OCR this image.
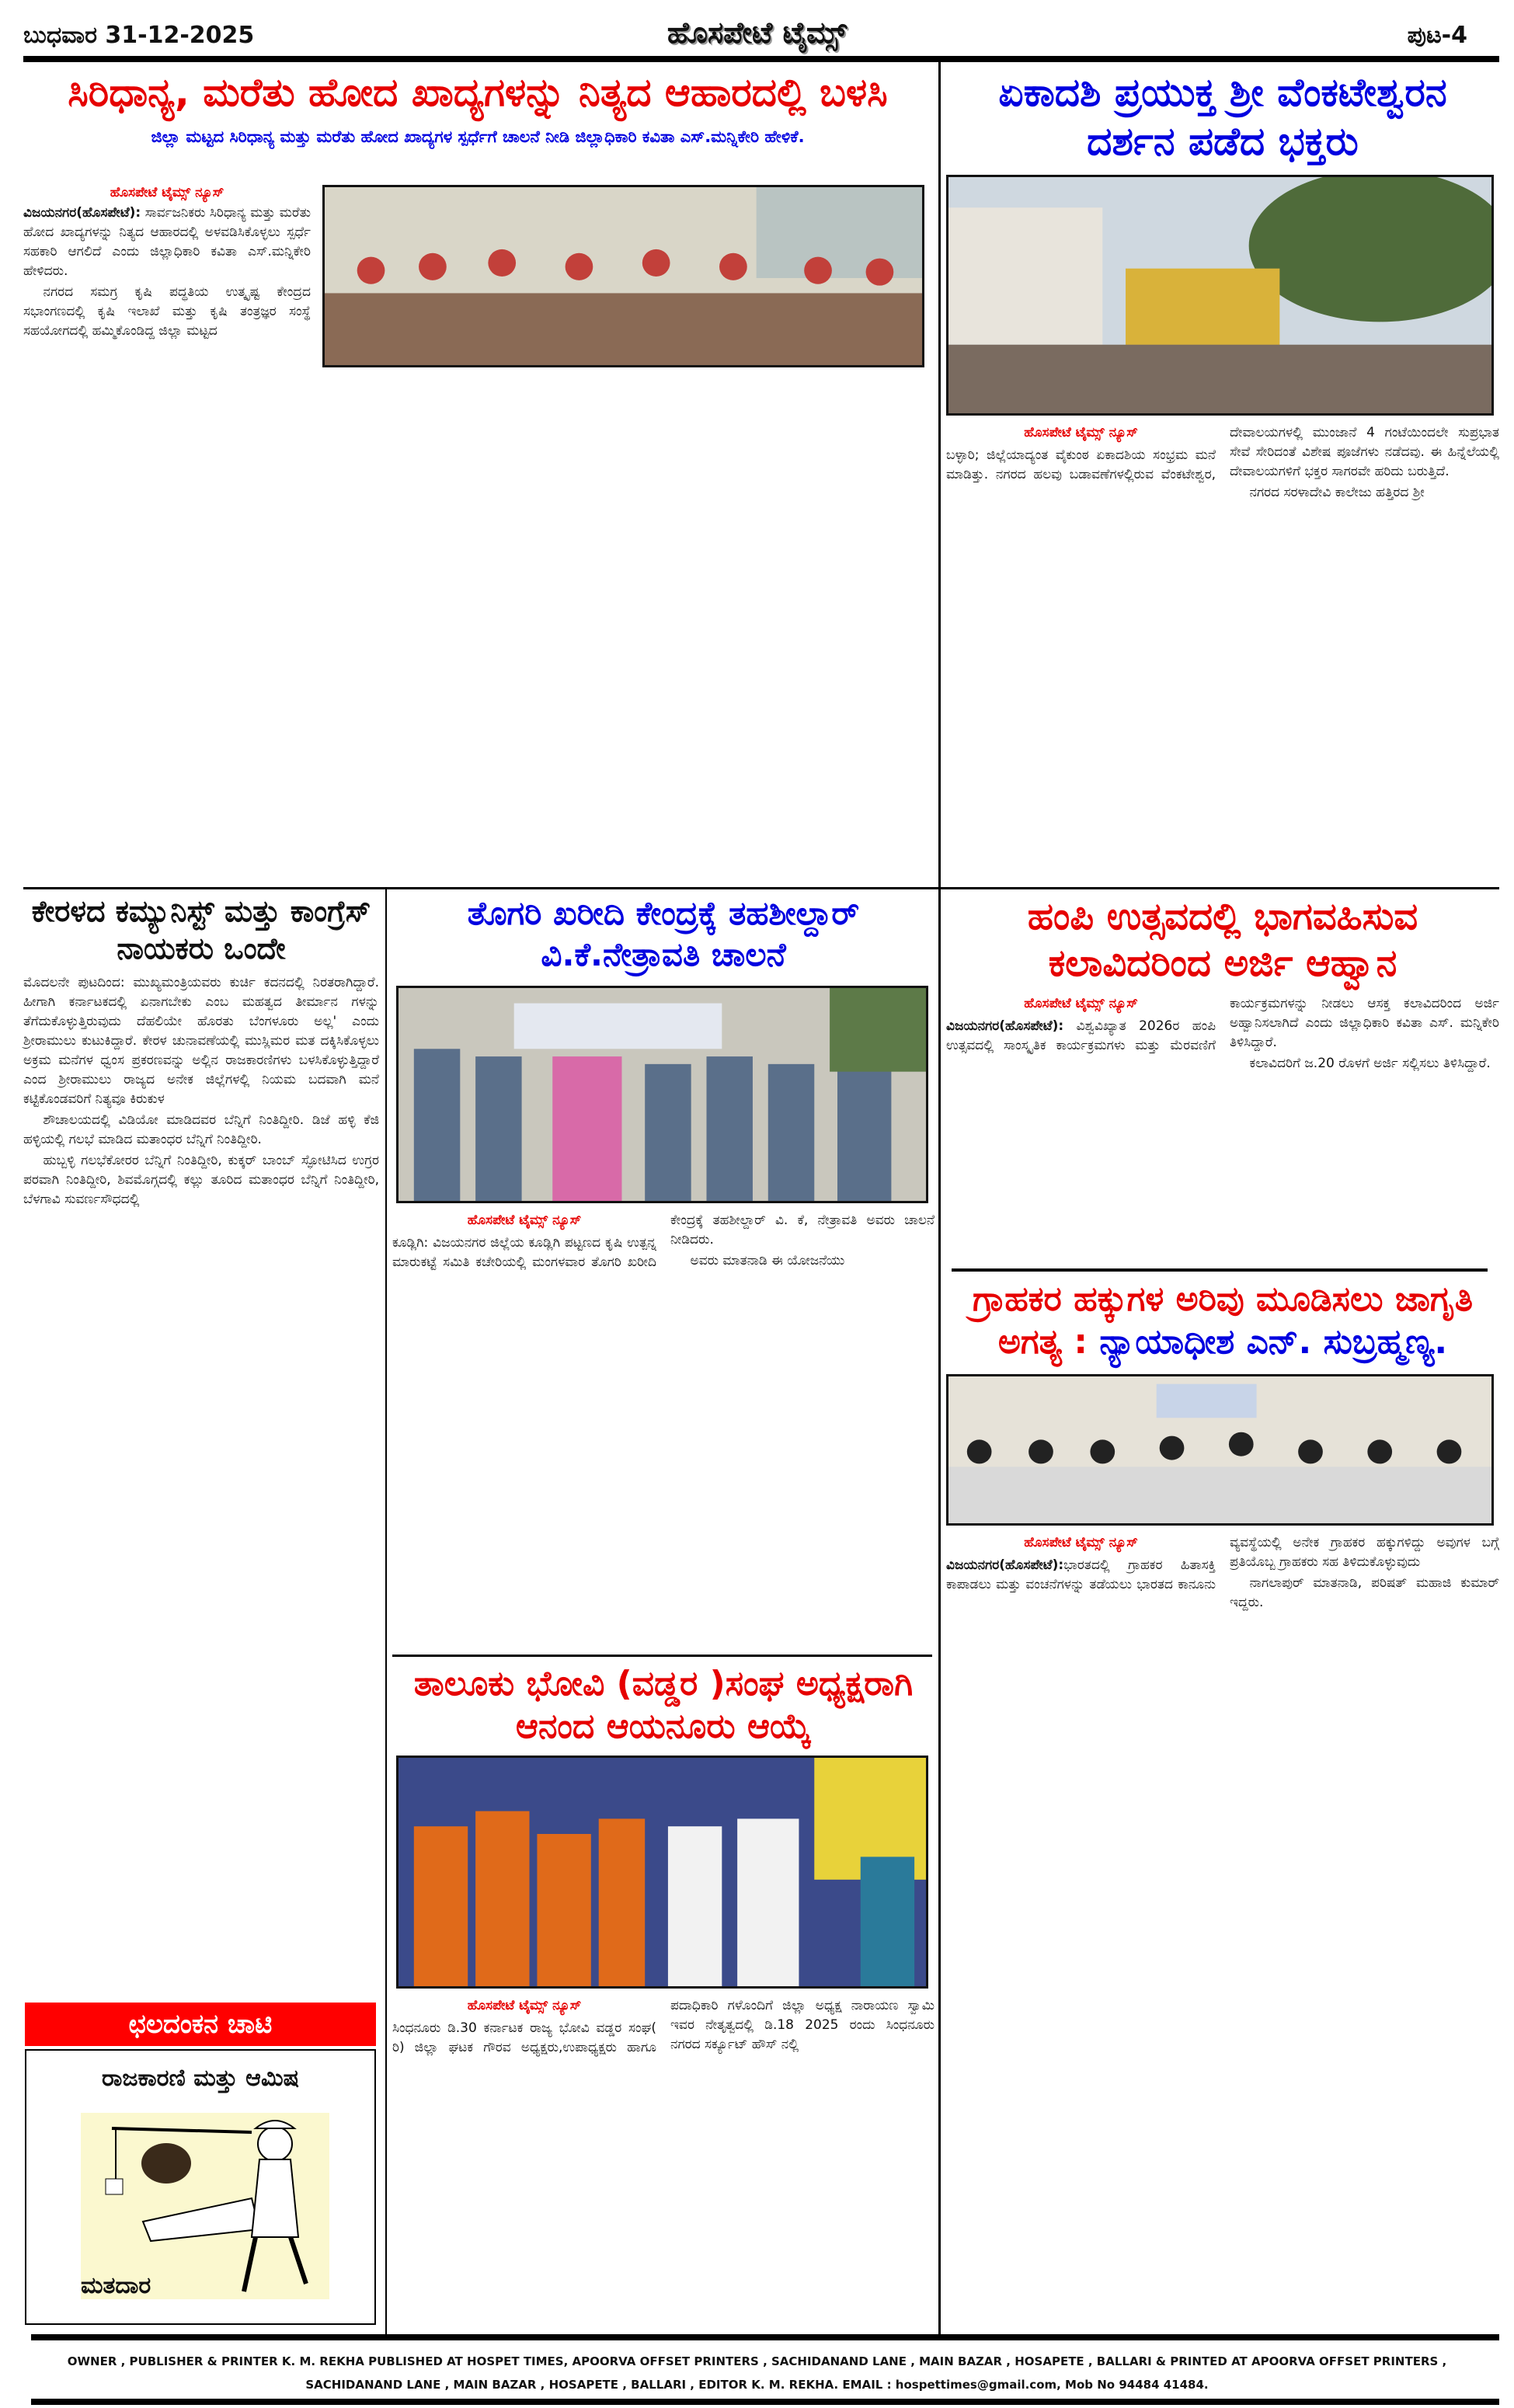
ಬುಧವಾರ 31-12-2025	ಹೊಸಪೇಟೆ ಟೈಮ್ಸ್	ಪುಟ-4
ಸಿರಿಧಾನ್ಯ, ಮರೆತು ಹೋದ ಖಾದ್ಯಗಳನ್ನು ನಿತ್ಯದ ಆಹಾರದಲ್ಲಿ ಬಳಸಿ
ಜಿಲ್ಲಾ ಮಟ್ಟದ ಸಿರಿಧಾನ್ಯ ಮತ್ತು ಮರೆತು ಹೋದ ಖಾದ್ಯಗಳ ಸ್ಪರ್ಧೆಗೆ ಚಾಲನೆ ನೀಡಿ ಜಿಲ್ಲಾಧಿಕಾರಿ ಕವಿತಾ ಎಸ್.ಮನ್ನಿಕೇರಿ ಹೇಳಿಕೆ.
ಹೊಸಪೇಟೆ ಟೈಮ್ಸ್ ನ್ಯೂಸ್

ವಿಜಯನಗರ(ಹೊಸಪೇಟೆ): ಸಾರ್ವಜನಿಕರು ಸಿರಿಧಾನ್ಯ ಮತ್ತು ಮರೆತು ಹೋದ ಖಾದ್ಯಗಳನ್ನು ನಿತ್ಯದ ಆಹಾರದಲ್ಲಿ ಅಳವಡಿಸಿಕೊಳ್ಳಲು ಸ್ಪರ್ಧೆ ಸಹಕಾರಿ ಆಗಲಿದೆ ಎಂದು ಜಿಲ್ಲಾಧಿಕಾರಿ ಕವಿತಾ ಎಸ್.ಮನ್ನಿಕೇರಿ ಹೇಳಿದರು.

ನಗರದ ಸಮಗ್ರ ಕೃಷಿ ಪದ್ಧತಿಯ ಉತ್ಕೃಷ್ಟ ಕೇಂದ್ರದ ಸಭಾಂಗಣದಲ್ಲಿ ಕೃಷಿ ಇಲಾಖೆ ಮತ್ತು ಕೃಷಿ ತಂತ್ರಜ್ಞರ ಸಂಸ್ಥೆ ಸಹಯೋಗದಲ್ಲಿ ಹಮ್ಮಿಕೊಂಡಿದ್ದ ಜಿಲ್ಲಾ ಮಟ್ಟದ

ಏಕಾದಶಿ ಪ್ರಯುಕ್ತ ಶ್ರೀ ವೆಂಕಟೇಶ್ವರನ ದರ್ಶನ ಪಡೆದ ಭಕ್ತರು
ಹೊಸಪೇಟೆ ಟೈಮ್ಸ್ ನ್ಯೂಸ್

ಬಳ್ಳಾರಿ; ಜಿಲ್ಲೆಯಾದ್ಯಂತ ವೈಕುಂಠ ಏಕಾದಶಿಯ ಸಂಭ್ರಮ ಮನೆ ಮಾಡಿತ್ತು. ನಗರದ ಹಲವು ಬಡಾವಣೆಗಳಲ್ಲಿರುವ ವೆಂಕಟೇಶ್ವರ, ದೇವಾಲಯಗಳಲ್ಲಿ ಮುಂಜಾನೆ 4 ಗಂಟೆಯಿಂದಲೇ ಸುಪ್ರಭಾತ ಸೇವೆ ಸೇರಿದಂತೆ ವಿಶೇಷ ಪೂಜೆಗಳು ನಡೆದವು. ಈ ಹಿನ್ನೆಲೆಯಲ್ಲಿ ದೇವಾಲಯಗಳಿಗೆ ಭಕ್ತರ ಸಾಗರವೇ ಹರಿದು ಬರುತ್ತಿದೆ.

ನಗರದ ಸರಳಾದೇವಿ ಕಾಲೇಜು ಹತ್ತಿರದ ಶ್ರೀ

ಕೇರಳದ ಕಮ್ಯುನಿಸ್ಟ್ ಮತ್ತು ಕಾಂಗ್ರೆಸ್ ನಾಯಕರು ಒಂದೇ

ಮೊದಲನೇ ಪುಟದಿಂದ: ಮುಖ್ಯಮಂತ್ರಿಯವರು ಕುರ್ಚಿ ಕದನದಲ್ಲಿ ನಿರತರಾಗಿದ್ದಾರೆ. ಹೀಗಾಗಿ ಕರ್ನಾಟಕದಲ್ಲಿ ಏನಾಗಬೇಕು ಎಂಬ ಮಹತ್ವದ ತೀರ್ಮಾನ ಗಳನ್ನು ತೆಗೆದುಕೊಳ್ಳುತ್ತಿರುವುದು ದೆಹಲಿಯೇ ಹೊರತು ಬೆಂಗಳೂರು ಅಲ್ಲ' ಎಂದು ಶ್ರೀರಾಮುಲು ಕುಟುಕಿದ್ದಾರೆ. ಕೇರಳ ಚುನಾವಣೆಯಲ್ಲಿ ಮುಸ್ಲಿಮರ ಮತ ದಕ್ಕಿಸಿಕೊಳ್ಳಲು ಅಕ್ರಮ ಮನೆಗಳ ಧ್ವಂಸ ಪ್ರಕರಣವನ್ನು ಅಲ್ಲಿನ ರಾಜಕಾರಣಿಗಳು ಬಳಸಿಕೊಳ್ಳುತ್ತಿದ್ದಾರೆ ಎಂದ ಶ್ರೀರಾಮುಲು ರಾಜ್ಯದ ಅನೇಕ ಜಿಲ್ಲೆಗಳಲ್ಲಿ ನಿಯಮ ಬದವಾಗಿ ಮನೆ ಕಟ್ಟಿಕೊಂಡವರಿಗೆ ನಿತ್ಯವೂ ಕಿರುಕುಳ

ಶೌಚಾಲಯದಲ್ಲಿ ವಿಡಿಯೋ ಮಾಡಿದವರ ಬೆನ್ನಿಗೆ ನಿಂತಿದ್ದೀರಿ. ಡಿಜೆ ಹಳ್ಳಿ ಕೆಜಿ ಹಳ್ಳಿಯಲ್ಲಿ ಗಲಭೆ ಮಾಡಿದ ಮತಾಂಧರ ಬೆನ್ನಿಗೆ ನಿಂತಿದ್ದೀರಿ.

ಹುಬ್ಬಳ್ಳಿ ಗಲಭೆಕೋರರ ಬೆನ್ನಿಗೆ ನಿಂತಿದ್ದೀರಿ, ಕುಕ್ಕರ್ ಬಾಂಬ್ ಸ್ಫೋಟಿಸಿದ ಉಗ್ರರ ಪರವಾಗಿ ನಿಂತಿದ್ದೀರಿ, ಶಿವಮೊಗ್ಗದಲ್ಲಿ ಕಲ್ಲು ತೂರಿದ ಮತಾಂಧರ ಬೆನ್ನಿಗೆ ನಿಂತಿದ್ದೀರಿ, ಬೆಳಗಾವಿ ಸುವರ್ಣಸೌಧದಲ್ಲಿ

ಛಲದಂಕನ ಚಾಟಿ
ರಾಜಕಾರಣಿ ಮತ್ತು ಆಮಿಷ
ಮತದಾರ
ತೊಗರಿ ಖರೀದಿ ಕೇಂದ್ರಕ್ಕೆ ತಹಶೀಲ್ದಾರ್ ವಿ.ಕೆ.ನೇತ್ರಾವತಿ ಚಾಲನೆ
ಹೊಸಪೇಟೆ ಟೈಮ್ಸ್ ನ್ಯೂಸ್

ಕೂಡ್ಲಿಗಿ: ವಿಜಯನಗರ ಜಿಲ್ಲೆಯ ಕೂಡ್ಲಿಗಿ ಪಟ್ಟಣದ ಕೃಷಿ ಉತ್ಪನ್ನ ಮಾರುಕಟ್ಟೆ ಸಮಿತಿ ಕಚೇರಿಯಲ್ಲಿ ಮಂಗಳವಾರ ತೊಗರಿ ಖರೀದಿ ಕೇಂದ್ರಕ್ಕೆ ತಹಶೀಲ್ದಾರ್ ವಿ. ಕೆ, ನೇತ್ರಾವತಿ ಅವರು ಚಾಲನೆ ನೀಡಿದರು.

ಅವರು ಮಾತನಾಡಿ ಈ ಯೋಜನೆಯು

ತಾಲೂಕು ಭೋವಿ (ವಡ್ಡರ )ಸಂಘ ಅಧ್ಯಕ್ಷರಾಗಿ ಆನಂದ ಆಯನೂರು ಆಯ್ಕೆ
ಹೊಸಪೇಟೆ ಟೈಮ್ಸ್ ನ್ಯೂಸ್

ಸಿಂಧನೂರು ಡಿ.30 ಕರ್ನಾಟಕ ರಾಜ್ಯ ಭೋವಿ ವಡ್ಡರ ಸಂಘ( ರಿ) ಜಿಲ್ಲಾ ಘಟಕ ಗೌರವ ಅಧ್ಯಕ್ಷರು,ಉಪಾಧ್ಯಕ್ಷರು ಹಾಗೂ ಪದಾಧಿಕಾರಿ ಗಳೊಂದಿಗೆ ಜಿಲ್ಲಾ ಅಧ್ಯಕ್ಷ ನಾರಾಯಣ ಸ್ವಾಮಿ ಇವರ ನೇತೃತ್ವದಲ್ಲಿ ಡಿ.18 2025 ರಂದು ಸಿಂಧನೂರು ನಗರದ ಸರ್ಕ್ಯೂಟ್ ಹೌಸ್ ನಲ್ಲಿ

ಹಂಪಿ ಉತ್ಸವದಲ್ಲಿ ಭಾಗವಹಿಸುವ ಕಲಾವಿದರಿಂದ ಅರ್ಜಿ ಆಹ್ವಾನ
ಹೊಸಪೇಟೆ ಟೈಮ್ಸ್ ನ್ಯೂಸ್

ವಿಜಯನಗರ(ಹೊಸಪೇಟೆ): ವಿಶ್ವವಿಖ್ಯಾತ 2026ರ ಹಂಪಿ ಉತ್ಸವದಲ್ಲಿ ಸಾಂಸ್ಕೃತಿಕ ಕಾರ್ಯಕ್ರಮಗಳು ಮತ್ತು ಮೆರವಣಿಗೆ ಕಾರ್ಯಕ್ರಮಗಳನ್ನು ನೀಡಲು ಆಸಕ್ತ ಕಲಾವಿದರಿಂದ ಅರ್ಜಿ ಅಹ್ವಾನಿಸಲಾಗಿದೆ ಎಂದು ಜಿಲ್ಲಾಧಿಕಾರಿ ಕವಿತಾ ಎಸ್. ಮನ್ನಿಕೇರಿ ತಿಳಿಸಿದ್ದಾರೆ.

ಕಲಾವಿದರಿಗೆ ಜ.20 ರೊಳಗೆ ಅರ್ಜಿ ಸಲ್ಲಿಸಲು ತಿಳಿಸಿದ್ದಾರೆ.

ಗ್ರಾಹಕರ ಹಕ್ಕುಗಳ ಅರಿವು ಮೂಡಿಸಲು ಜಾಗೃತಿ ಅಗತ್ಯ : ನ್ಯಾಯಾಧೀಶ ಎನ್. ಸುಬ್ರಹ್ಮಣ್ಯ.
ಹೊಸಪೇಟೆ ಟೈಮ್ಸ್ ನ್ಯೂಸ್

ವಿಜಯನಗರ(ಹೊಸಪೇಟೆ):ಭಾರತದಲ್ಲಿ ಗ್ರಾಹಕರ ಹಿತಾಸಕ್ತಿ ಕಾಪಾಡಲು ಮತ್ತು ವಂಚನೆಗಳನ್ನು ತಡೆಯಲು ಭಾರತದ ಕಾನೂನು ವ್ಯವಸ್ಥೆಯಲ್ಲಿ ಅನೇಕ ಗ್ರಾಹಕರ ಹಕ್ಕುಗಳಿದ್ದು ಅವುಗಳ ಬಗ್ಗೆ ಪ್ರತಿಯೊಬ್ಬ ಗ್ರಾಹಕರು ಸಹ ತಿಳಿದುಕೊಳ್ಳುವುದು

ನಾಗಲಾಪುರ್ ಮಾತನಾಡಿ, ಪರಿಷತ್ ಮಹಾಜಿ ಕುಮಾರ್ ಇದ್ದರು.

OWNER , PUBLISHER & PRINTER K. M. REKHA PUBLISHED AT HOSPET TIMES, APOORVA OFFSET PRINTERS , SACHIDANAND LANE , MAIN BAZAR , HOSAPETE , BALLARI & PRINTED AT APOORVA OFFSET PRINTERS ,
SACHIDANAND LANE , MAIN BAZAR , HOSAPETE , BALLARI , EDITOR K. M. REKHA. EMAIL : hospettimes@gmail.com, Mob No 94484 41484.
